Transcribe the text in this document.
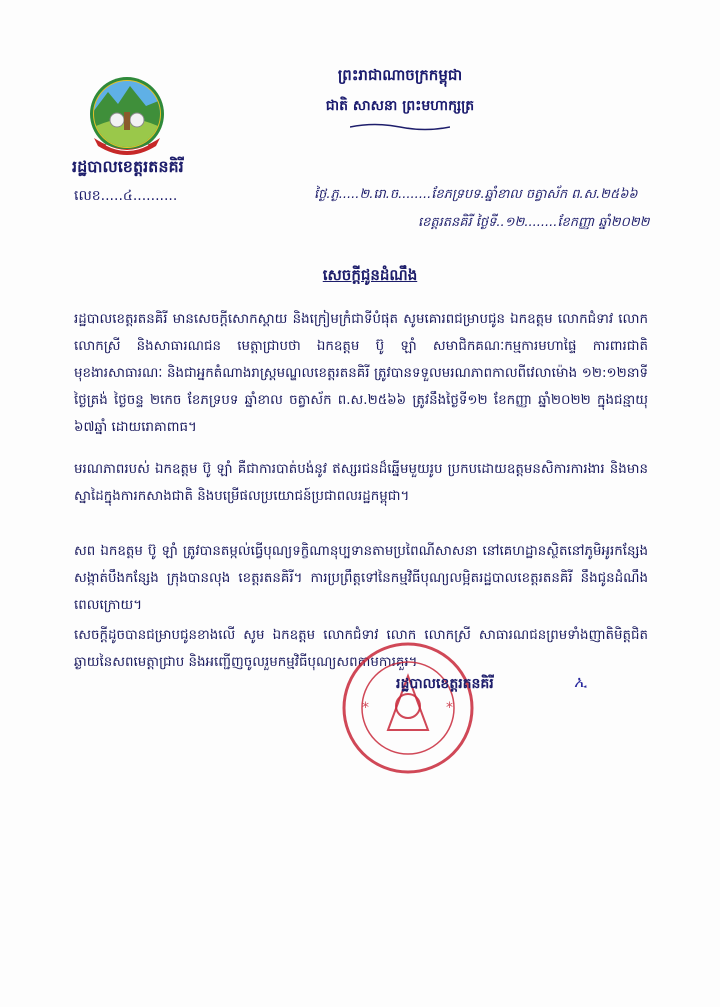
រដ្ឋបាលខេត្តរតនគិរី
លេខ.....៤..........
ព្រះរាជាណាចក្រកម្ពុជា
ជាតិ សាសនា ព្រះមហាក្សត្រ
ថ្ងៃ.ភ្ង.....២.រោ.ច........ខែភទ្របទ.ឆ្នាំខាល ចត្វាស័ក ព.ស.២៥៦៦
ខេត្តរតនគិរី ថ្ងៃទី..១២........ខែកញ្ញា ឆ្នាំ២០២២
សេចក្តីជូនដំណឹង

រដ្ឋបាលខេត្តរតនគិរី មានសេចក្តីសោកស្តាយ និងក្រៀមក្រំជាទីបំផុត សូមគោរពជម្រាបជូន ឯកឧត្តម លោកជំទាវ លោក លោកស្រី និងសាធារណជន មេត្តាជ្រាបថា ឯកឧត្តម ប៊ូ ឡាំ សមាជិកគណៈកម្មការមហាផ្ទៃ ការពារជាតិ មុខងារសាធារណៈ និងជាអ្នកតំណាងរាស្រ្តមណ្ឌលខេត្តរតនគិរី ត្រូវបានទទួលមរណភាពកាលពីវេលាម៉ោង ១២:១២នាទីថ្ងៃត្រង់ ថ្ងៃចន្ទ ២កេច ខែភទ្របទ ឆ្នាំខាល ចត្វាស័ក ព.ស.២៥៦៦ ត្រូវនឹងថ្ងៃទី១២ ខែកញ្ញា ឆ្នាំ២០២២ ក្នុងជន្មាយុ ៦៧ឆ្នាំ ដោយរោគាពាធ។

មរណភាពរបស់ ឯកឧត្តម ប៊ូ ឡាំ គឺជាការបាត់បង់នូវ ឥស្សរជនដ៏ឆ្នើមមួយរូប ប្រកបដោយឧត្តមនសិការការងារ និងមានស្នាដៃក្នុងការកសាងជាតិ និងបម្រើផលប្រយោជន៍ប្រជាពលរដ្ឋកម្ពុជា។

សព ឯកឧត្តម ប៊ូ ឡាំ ត្រូវបានតម្កល់ធ្វើបុណ្យទក្ខិណានុប្បទានតាមប្រពៃណីសាសនា នៅគេហដ្ឋានស្ថិតនៅភូមិអូរកន្សែង សង្កាត់បឹងកន្សែង ក្រុងបានលុង ខេត្តរតនគិរី។ ការប្រព្រឹត្តទៅនៃកម្មវិធីបុណ្យលម្អិតរដ្ឋបាលខេត្តរតនគិរី នឹងជូនដំណឹងពេលក្រោយ។

សេចក្តីដូចបានជម្រាបជូនខាងលើ សូម ឯកឧត្តម លោកជំទាវ លោក លោកស្រី សាធារណជនព្រមទាំងញាតិមិត្តជិតឆ្ងាយនៃសពមេត្តាជ្រាប និងអញ្ជើញចូលរួមកម្មវិធីបុណ្យសពតាមការគួរ។

*	*
រដ្ឋបាលខេត្តរតនគិរី	ኢ
